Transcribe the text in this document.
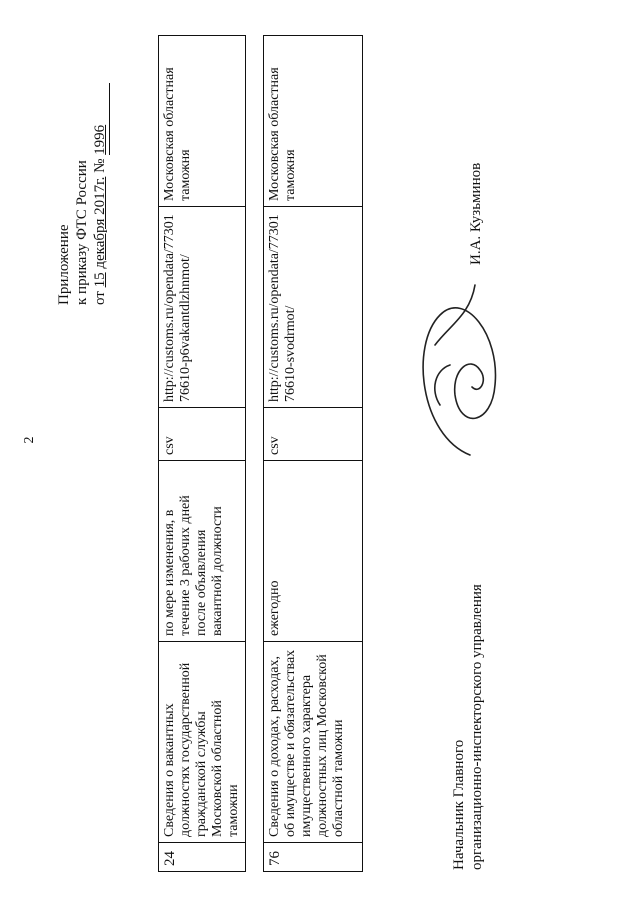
2
Приложение к приказу ФТС России от 15 декабря 2017г. № 1996
24	Сведения о вакантных должностях государственной гражданской службы Московской областной таможни	по мере изменения, в течение 3 рабочих дней после объявления вакантной должности	csv	http://customs.ru/opendata/7730176610-p6vakantdlzhnmot/	Московская областная таможня
76	Сведения о доходах, расходах, об имуществе и обязательствах имущественного характера должностных лиц Московской областной таможни	ежегодно	csv	http://customs.ru/opendata/7730176610-svodrmot/	Московская областная таможня
Начальник Главного организационно-инспекторского управления
И.А. Кузьминов
